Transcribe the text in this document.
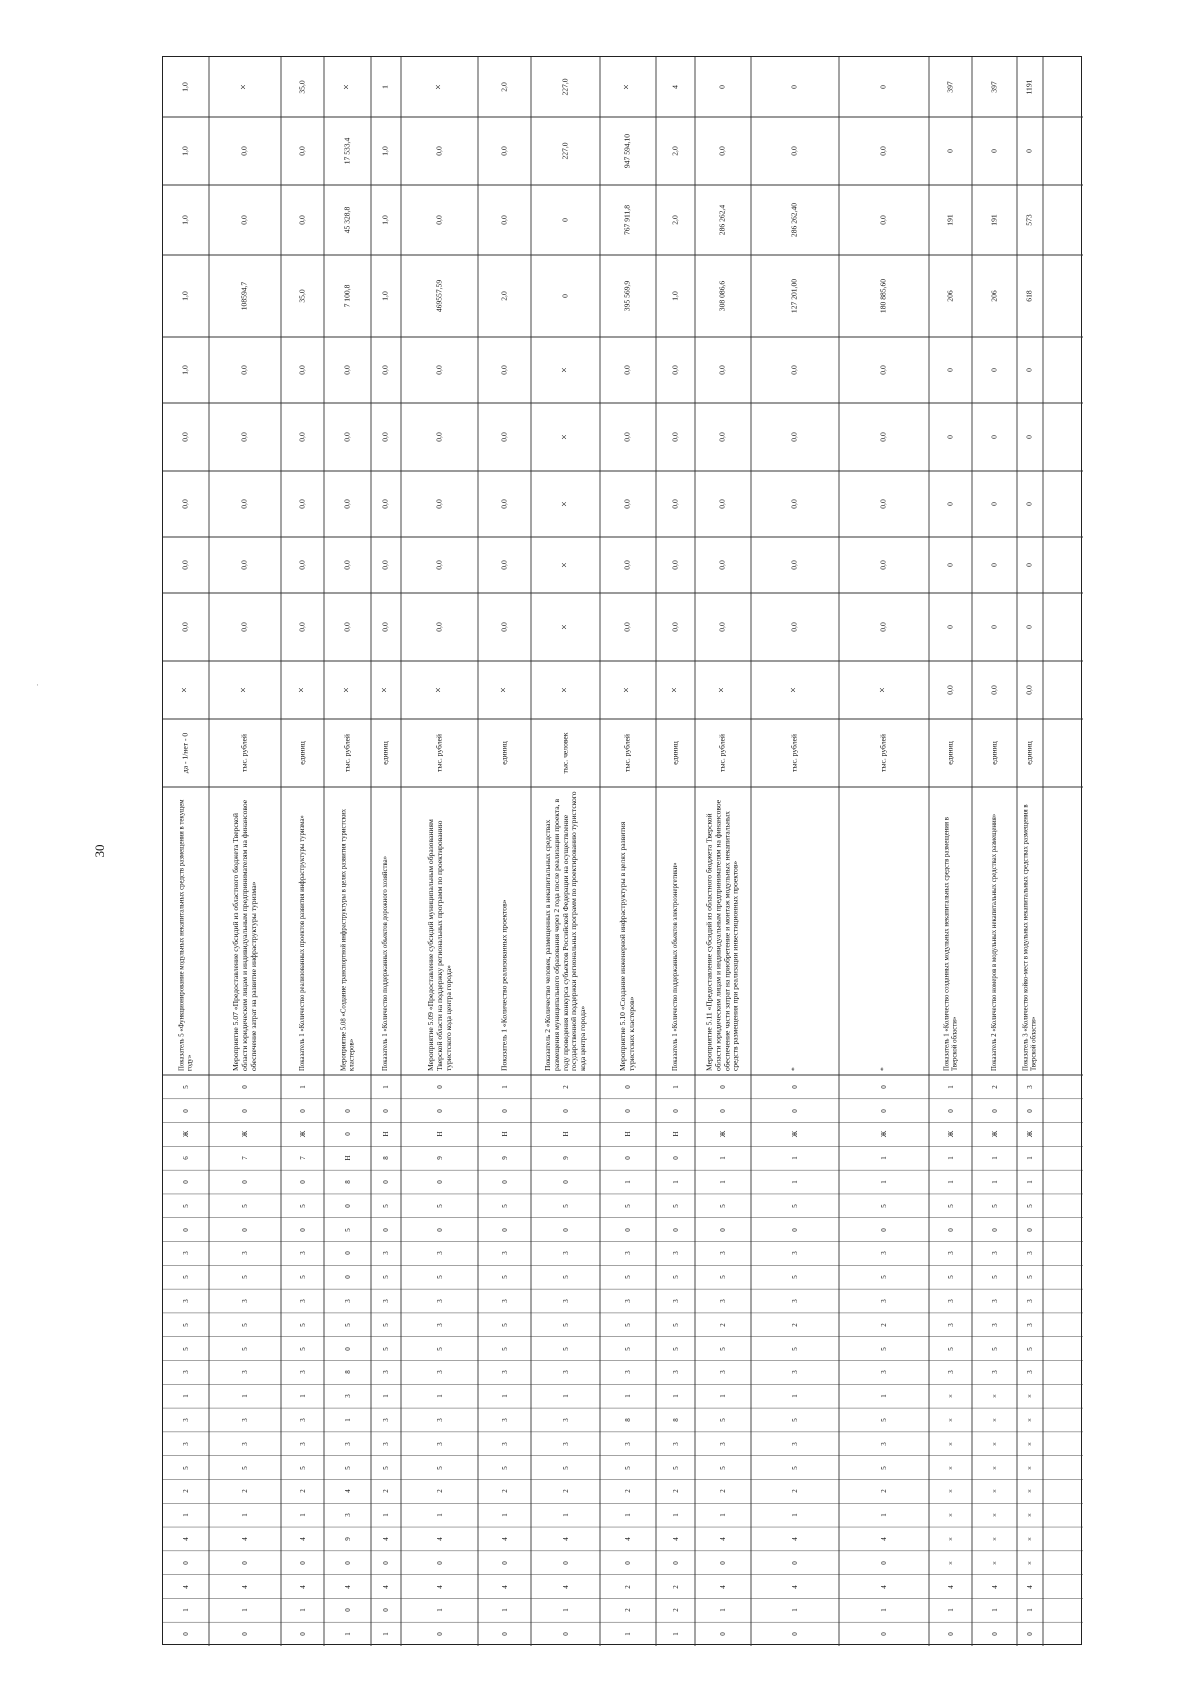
30
·
0
1
4
0
4
1
2
5
3
3
1
3
5
5
3
5
3
0
5
0
6
Ж
0
5
Показатель 5 «Функционирование модульных некапитальных средств размещения в текущем году»
да - 1/нет - 0
×
0,0
0,0
0,0
0,0
1,0
1,0
1,0
1,0
1,0
0
1
4
0
4
1
2
5
3
3
1
3
5
5
3
5
3
0
5
0
7
Ж
0
0
Мероприятие 5.07 «Предоставление субсидий из областного бюджета Тверской области юридическим лицам и индивидуальным предпринимателям на финансовое обеспечение затрат на развитие инфраструктуры туризма»
тыс. рублей
×
0,0
0,0
0,0
0,0
0,0
108594,7
0,0
0,0
×
0
1
4
0
4
1
2
5
3
3
1
3
5
5
3
5
3
0
5
0
7
Ж
0
1
Показатель 1 «Количество реализованных проектов развития инфраструктуры туризма»
единиц
×
0,0
0,0
0,0
0,0
0,0
35,0
0,0
0,0
35,0
1
0
4
0
9
3
4
5
3
1
3
8
0
5
3
0
0
5
0
8
Н
0
0
Мероприятие 5.08 «Создание транспортной инфраструктуры в целях развития туристских кластеров»
тыс. рублей
×
0,0
0,0
0,0
0,0
0,0
7 100,8
45 328,8
17 533,4
×
1
0
4
0
4
1
2
5
3
3
1
3
5
5
3
5
3
0
5
0
8
Н
0
1
Показатель 1 «Количество поддержанных объектов дорожного хозяйства»
единиц
×
0,0
0,0
0,0
0,0
0,0
1,0
1,0
1,0
1
0
1
4
0
4
1
2
5
3
3
1
3
5
3
3
5
3
0
5
0
9
Н
0
0
Мероприятие 5.09 «Предоставление субсидий муниципальным образованиям Тверской области на поддержку региональных программ по проектированию туристского кода центра города»
тыс. рублей
×
0,0
0,0
0,0
0,0
0,0
469557,59
0,0
0,0
×
0
1
4
0
4
1
2
5
3
3
1
3
5
5
3
5
3
0
5
0
9
Н
0
1
Показатель 1 «Количество реализованных проектов»
единиц
×
0,0
0,0
0,0
0,0
0,0
2,0
0,0
0,0
2,0
0
1
4
0
4
1
2
5
3
3
1
3
5
5
3
5
3
0
5
0
9
Н
0
2
Показатель 2 «Количество человек, размещенных в некапитальных средствах размещения муниципального образования через 2 года после реализации проекта, в году проведения конкурса субъектов Российской Федерации на осуществление государственной поддержки региональных программ по проектированию туристского кода центра города»
тыс. человек
×
×
×
×
×
×
0
0
227,0
227,0
1
2
2
0
4
1
2
5
3
8
1
3
5
5
3
5
3
0
5
1
0
Н
0
0
Мероприятие 5.10 «Создание инженерной инфраструктуры в целях развития туристских кластеров»
тыс. рублей
×
0,0
0,0
0,0
0,0
0,0
395 569,9
767 911,8
947 594,10
×
1
2
2
0
4
1
2
5
3
8
1
3
5
5
3
5
3
0
5
1
0
Н
0
1
Показатель 1 «Количество поддержанных объектов электроэнергетики»
единиц
×
0,0
0,0
0,0
0,0
0,0
1,0
2,0
2,0
4
0
1
4
0
4
1
2
5
3
5
1
3
5
2
3
5
3
0
5
1
1
Ж
0
0
Мероприятие 5.11 «Предоставление субсидий из областного бюджета Тверской области юридическим лицам и индивидуальным предпринимателям на финансовое обеспечение части затрат на приобретение и монтаж модульных некапитальных средств размещения при реализации инвестиционных проектов»
тыс. рублей
×
0,0
0,0
0,0
0,0
0,0
308 086,6
286 262,4
0,0
0
0
1
4
0
4
1
2
5
3
5
1
3
5
2
3
5
3
0
5
1
1
Ж
0
0
*
тыс. рублей
×
0,0
0,0
0,0
0,0
0,0
127 201,00
286 262,40
0,0
0
0
1
4
0
4
1
2
5
3
5
1
3
5
2
3
5
3
0
5
1
1
Ж
0
0
*
тыс. рублей
×
0,0
0,0
0,0
0,0
0,0
180 885,60
0,0
0,0
0
0
1
4
×
×
×
×
×
×
×
×
3
5
3
3
5
3
0
5
1
1
Ж
0
1
Показатель 1 «Количество созданных модульных некапитальных средств размещения в Тверской области»
единиц
0,0
0
0
0
0
0
206
191
0
397
0
1
4
×
×
×
×
×
×
×
×
3
5
3
3
5
3
0
5
1
1
Ж
0
2
Показатель 2 «Количество номеров в модульных некапитальных средствах размещения»
единиц
0,0
0
0
0
0
0
206
191
0
397
0
1
4
×
×
×
×
×
×
×
×
3
5
3
3
5
3
0
5
1
1
Ж
0
3
Показатель 3 «Количество койко-мест в модульных некапитальных средствах размещения в Тверской области»
единиц
0,0
0
0
0
0
0
618
573
0
1191
